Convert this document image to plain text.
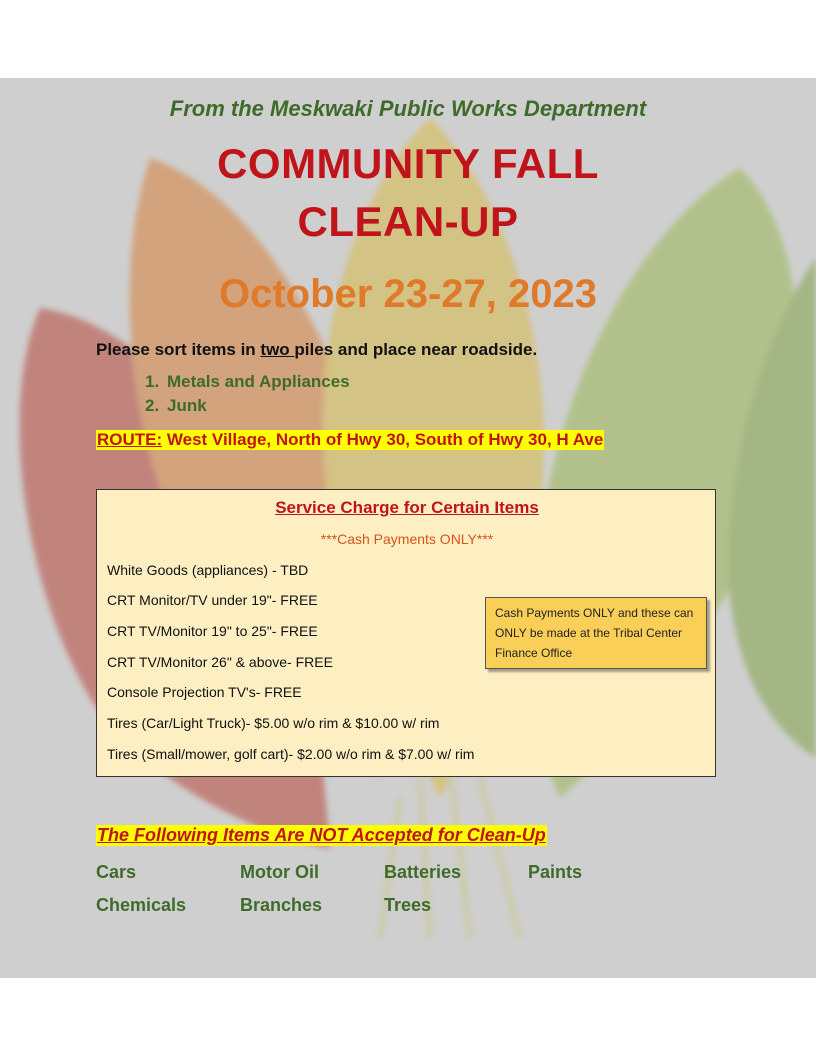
From the Meskwaki Public Works Department
COMMUNITY FALL
CLEAN-UP
October 23-27, 2023
Please sort items in two piles and place near roadside.
1. Metals and Appliances
2. Junk
ROUTE: West Village, North of Hwy 30, South of Hwy 30, H Ave
Service Charge for Certain Items
***Cash Payments ONLY***
White Goods (appliances) - TBD
CRT Monitor/TV under 19"- FREE
CRT TV/Monitor 19" to 25"- FREE
CRT TV/Monitor 26" & above- FREE
Console Projection TV's- FREE
Tires (Car/Light Truck)- $5.00 w/o rim & $10.00 w/ rim
Tires (Small/mower, golf cart)- $2.00 w/o rim & $7.00 w/ rim
Cash Payments ONLY and these can ONLY be made at the Tribal Center Finance Office
The Following Items Are NOT Accepted for Clean-Up
Cars	Motor Oil	Batteries	Paints
Chemicals	Branches	Trees
